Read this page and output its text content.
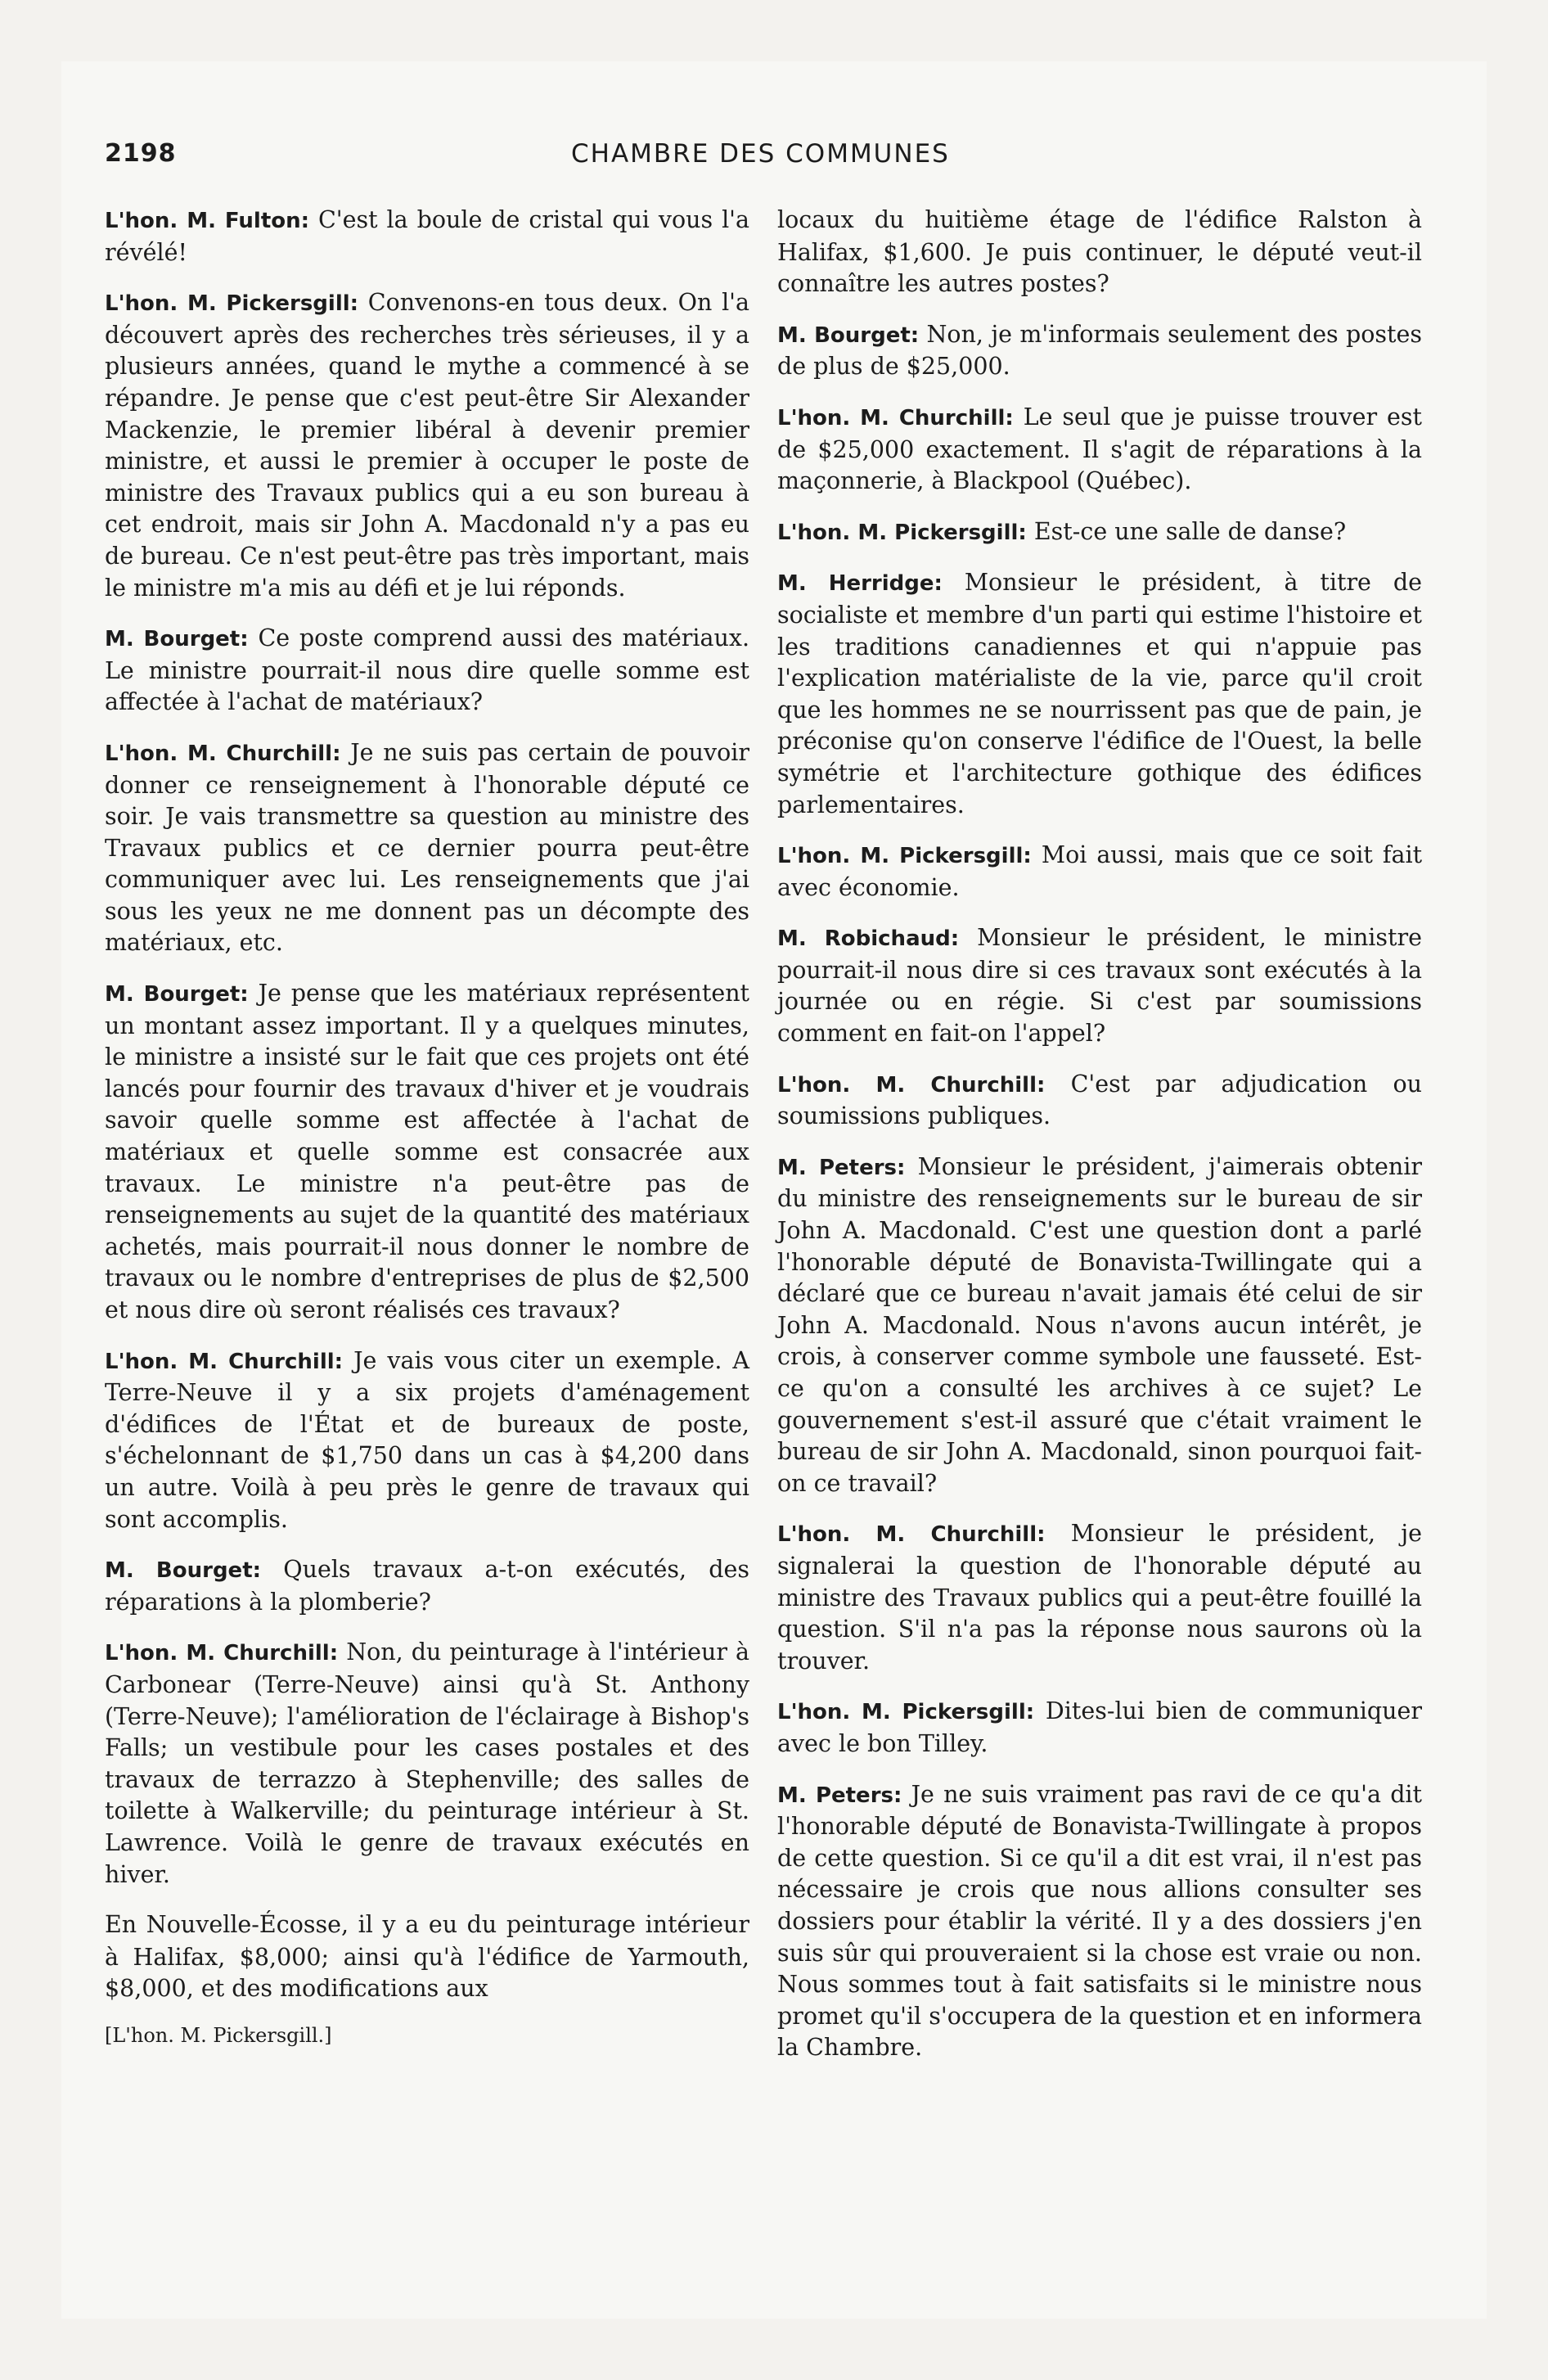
2198	CHAMBRE DES COMMUNES

L'hon. M. Fulton: C'est la boule de cristal qui vous l'a révélé!

L'hon. M. Pickersgill: Convenons-en tous deux. On l'a découvert après des recherches très sérieuses, il y a plusieurs années, quand le mythe a commencé à se répandre. Je pense que c'est peut-être Sir Alexander Mackenzie, le premier libéral à devenir premier ministre, et aussi le premier à occuper le poste de ministre des Travaux publics qui a eu son bureau à cet endroit, mais sir John A. Macdonald n'y a pas eu de bureau. Ce n'est peut-être pas très important, mais le ministre m'a mis au défi et je lui réponds.

M. Bourget: Ce poste comprend aussi des matériaux. Le ministre pourrait-il nous dire quelle somme est affectée à l'achat de matériaux?

L'hon. M. Churchill: Je ne suis pas certain de pouvoir donner ce renseignement à l'honorable député ce soir. Je vais transmettre sa question au ministre des Travaux publics et ce dernier pourra peut-être communiquer avec lui. Les renseignements que j'ai sous les yeux ne me donnent pas un décompte des matériaux, etc.

M. Bourget: Je pense que les matériaux représentent un montant assez important. Il y a quelques minutes, le ministre a insisté sur le fait que ces projets ont été lancés pour fournir des travaux d'hiver et je voudrais savoir quelle somme est affectée à l'achat de matériaux et quelle somme est consacrée aux travaux. Le ministre n'a peut-être pas de renseignements au sujet de la quantité des matériaux achetés, mais pourrait-il nous donner le nombre de travaux ou le nombre d'entreprises de plus de $2,500 et nous dire où seront réalisés ces travaux?

L'hon. M. Churchill: Je vais vous citer un exemple. A Terre-Neuve il y a six projets d'aménagement d'édifices de l'État et de bureaux de poste, s'échelonnant de $1,750 dans un cas à $4,200 dans un autre. Voilà à peu près le genre de travaux qui sont accomplis.

M. Bourget: Quels travaux a-t-on exécutés, des réparations à la plomberie?

L'hon. M. Churchill: Non, du peinturage à l'intérieur à Carbonear (Terre-Neuve) ainsi qu'à St. Anthony (Terre-Neuve); l'amélioration de l'éclairage à Bishop's Falls; un vestibule pour les cases postales et des travaux de terrazzo à Stephenville; des salles de toilette à Walkerville; du peinturage intérieur à St. Lawrence. Voilà le genre de travaux exécutés en hiver.

En Nouvelle-Écosse, il y a eu du peinturage intérieur à Halifax, $8,000; ainsi qu'à l'édifice de Yarmouth, $8,000, et des modifications aux

[L'hon. M. Pickersgill.]

locaux du huitième étage de l'édifice Ralston à Halifax, $1,600. Je puis continuer, le député veut-il connaître les autres postes?

M. Bourget: Non, je m'informais seulement des postes de plus de $25,000.

L'hon. M. Churchill: Le seul que je puisse trouver est de $25,000 exactement. Il s'agit de réparations à la maçonnerie, à Blackpool (Québec).

L'hon. M. Pickersgill: Est-ce une salle de danse?

M. Herridge: Monsieur le président, à titre de socialiste et membre d'un parti qui estime l'histoire et les traditions canadiennes et qui n'appuie pas l'explication matérialiste de la vie, parce qu'il croit que les hommes ne se nourrissent pas que de pain, je préconise qu'on conserve l'édifice de l'Ouest, la belle symétrie et l'architecture gothique des édifices parlementaires.

L'hon. M. Pickersgill: Moi aussi, mais que ce soit fait avec économie.

M. Robichaud: Monsieur le président, le ministre pourrait-il nous dire si ces travaux sont exécutés à la journée ou en régie. Si c'est par soumissions comment en fait-on l'appel?

L'hon. M. Churchill: C'est par adjudication ou soumissions publiques.

M. Peters: Monsieur le président, j'aimerais obtenir du ministre des renseignements sur le bureau de sir John A. Macdonald. C'est une question dont a parlé l'honorable député de Bonavista-Twillingate qui a déclaré que ce bureau n'avait jamais été celui de sir John A. Macdonald. Nous n'avons aucun intérêt, je crois, à conserver comme symbole une fausseté. Est-ce qu'on a consulté les archives à ce sujet? Le gouvernement s'est-il assuré que c'était vraiment le bureau de sir John A. Macdonald, sinon pourquoi fait-on ce travail?

L'hon. M. Churchill: Monsieur le président, je signalerai la question de l'honorable député au ministre des Travaux publics qui a peut-être fouillé la question. S'il n'a pas la réponse nous saurons où la trouver.

L'hon. M. Pickersgill: Dites-lui bien de communiquer avec le bon Tilley.

M. Peters: Je ne suis vraiment pas ravi de ce qu'a dit l'honorable député de Bonavista-Twillingate à propos de cette question. Si ce qu'il a dit est vrai, il n'est pas nécessaire je crois que nous allions consulter ses dossiers pour établir la vérité. Il y a des dossiers j'en suis sûr qui prouveraient si la chose est vraie ou non. Nous sommes tout à fait satisfaits si le ministre nous promet qu'il s'occupera de la question et en informera la Chambre.
